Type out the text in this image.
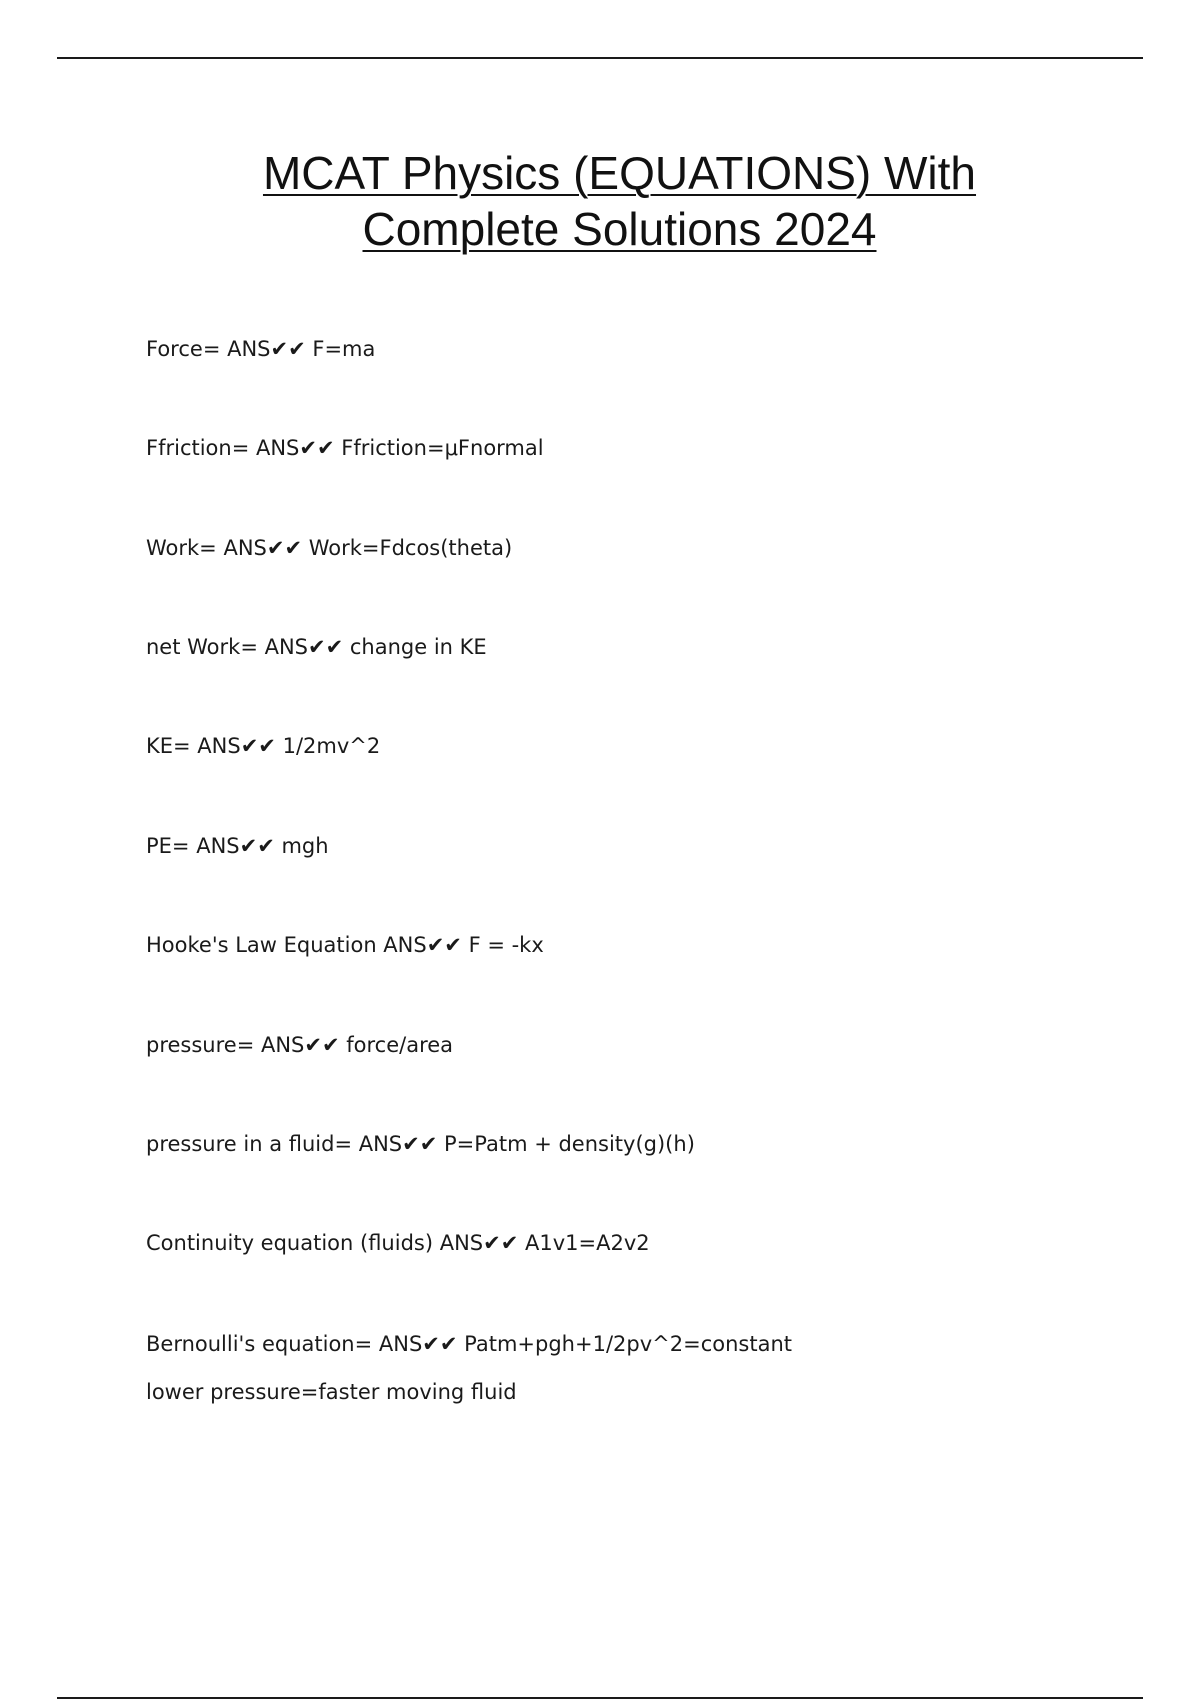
MCAT Physics (EQUATIONS) With
Complete Solutions 2024
Force= ANS✔✔ F=ma
Ffriction= ANS✔✔ Ffriction=μFnormal
Work= ANS✔✔ Work=Fdcos(theta)
net Work= ANS✔✔ change in KE
KE= ANS✔✔ 1/2mv^2
PE= ANS✔✔ mgh
Hooke's Law Equation ANS✔✔ F = -kx
pressure= ANS✔✔ force/area
pressure in a fluid= ANS✔✔ P=Patm + density(g)(h)
Continuity equation (fluids) ANS✔✔ A1v1=A2v2
Bernoulli's equation= ANS✔✔ Patm+pgh+1/2pv^2=constant
lower pressure=faster moving fluid
